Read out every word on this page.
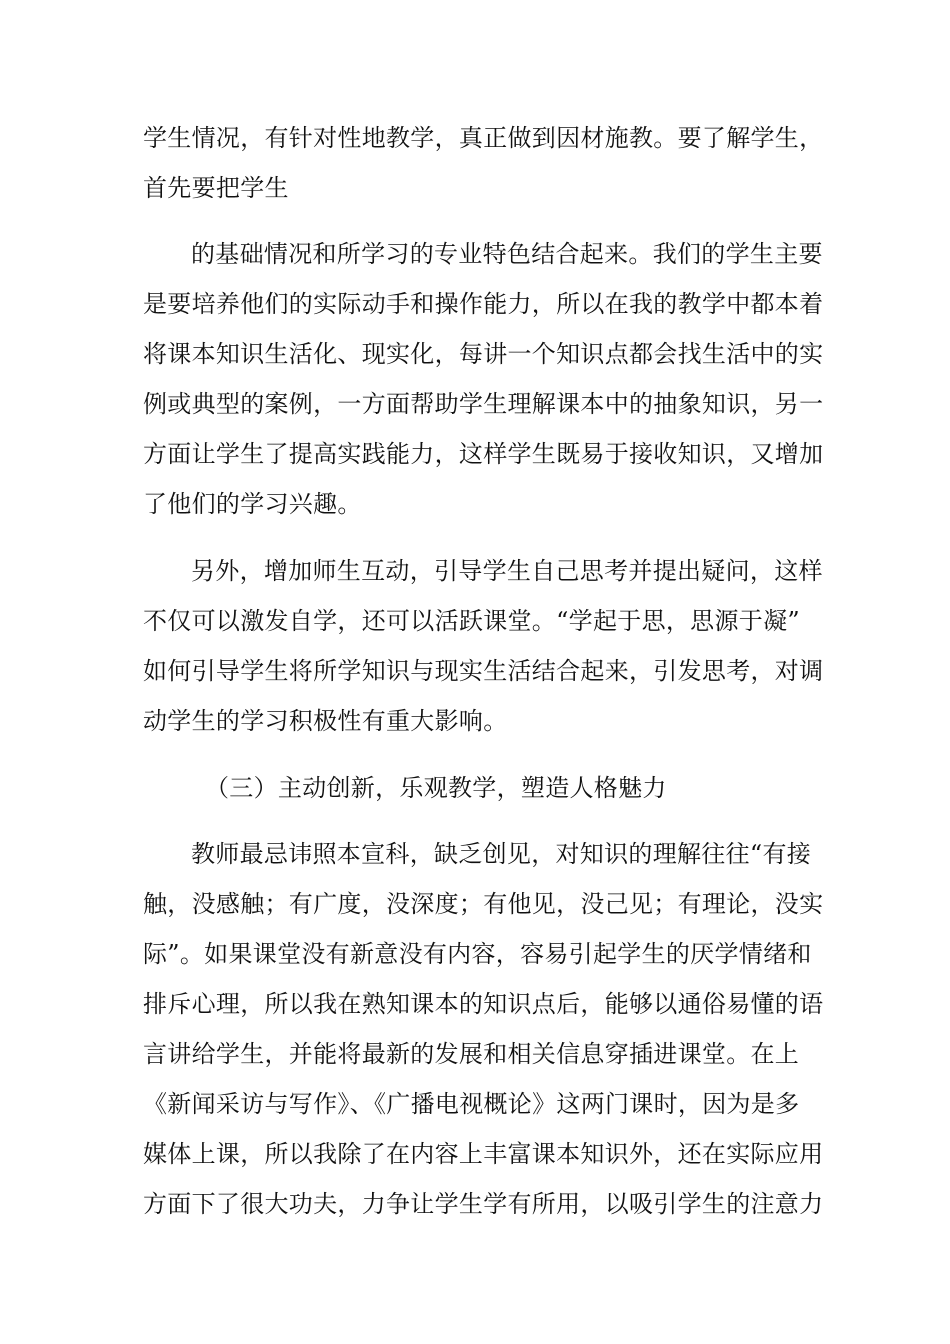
学生情况，有针对性地教学，真正做到因材施教。要了解学生，
首先要把学生
的基础情况和所学习的专业特色结合起来。我们的学生主要
是要培养他们的实际动手和操作能力，所以在我的教学中都本着
将课本知识生活化、现实化，每讲一个知识点都会找生活中的实
例或典型的案例，一方面帮助学生理解课本中的抽象知识，另一
方面让学生了提高实践能力，这样学生既易于接收知识，又增加
了他们的学习兴趣。
另外，增加师生互动，引导学生自己思考并提出疑问，这样
不仅可以激发自学，还可以活跃课堂。“学起于思，思源于凝”
如何引导学生将所学知识与现实生活结合起来，引发思考，对调
动学生的学习积极性有重大影响。
（三）主动创新，乐观教学，塑造人格魅力
教师最忌讳照本宣科，缺乏创见，对知识的理解往往“有接
触，没感触；有广度，没深度；有他见，没己见；有理论，没实
际”。如果课堂没有新意没有内容，容易引起学生的厌学情绪和
排斥心理，所以我在熟知课本的知识点后，能够以通俗易懂的语
言讲给学生，并能将最新的发展和相关信息穿插进课堂。在上
《新闻采访与写作》、《广播电视概论》这两门课时，因为是多
媒体上课，所以我除了在内容上丰富课本知识外，还在实际应用
方面下了很大功夫，力争让学生学有所用，以吸引学生的注意力
